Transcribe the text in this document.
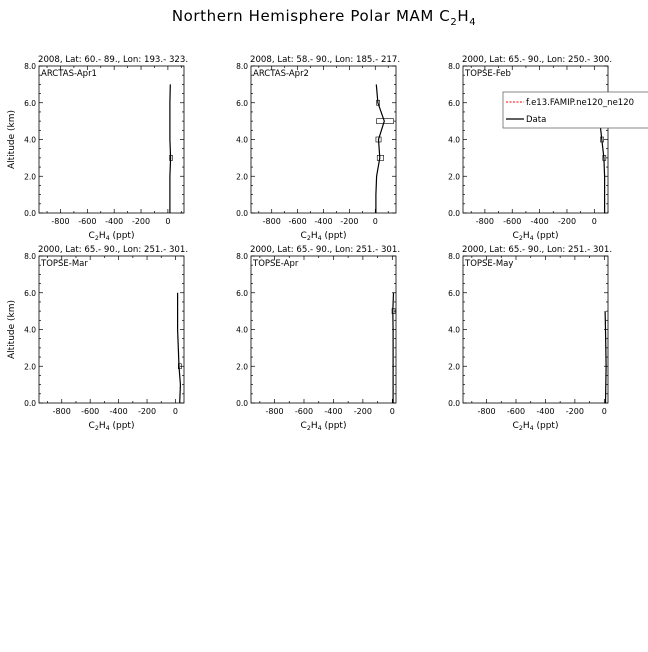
Northern Hemisphere Polar MAM $C_2H_4$
2008, Lat: 60.- 89., Lon: 193.- 323.
ARCTAS-Apr1
-800 -600 -400 -200 0
0.0
2.0
4.0
6.0
8.0
$C_2H_4$ (ppt)
Altitude (km)
2008, Lat: 58.- 90., Lon: 185.- 217.
ARCTAS-Apr2
-800 -600 -400 -200 0
0.0
2.0
4.0
6.0
8.0
$C_2H_4$ (ppt)
2000, Lat: 65.- 90., Lon: 250.- 300.
TOPSE-Feb
-800 -600 -400 -200 0
0.0
2.0
4.0
6.0
8.0
$C_2H_4$ (ppt)
2000, Lat: 65.- 90., Lon: 251.- 301.
TOPSE-Mar
-800 -600 -400 -200 0
0.0
2.0
4.0
6.0
8.0
$C_2H_4$ (ppt)
Altitude (km)
2000, Lat: 65.- 90., Lon: 251.- 301.
TOPSE-Apr
-800 -600 -400 -200 0
0.0
2.0
4.0
6.0
8.0
$C_2H_4$ (ppt)
2000, Lat: 65.- 90., Lon: 251.- 301.
TOPSE-May
-800 -600 -400 -200 0
0.0
2.0
4.0
6.0
8.0
$C_2H_4$ (ppt)
f.e13.FAMIP.ne120_ne120
Data
